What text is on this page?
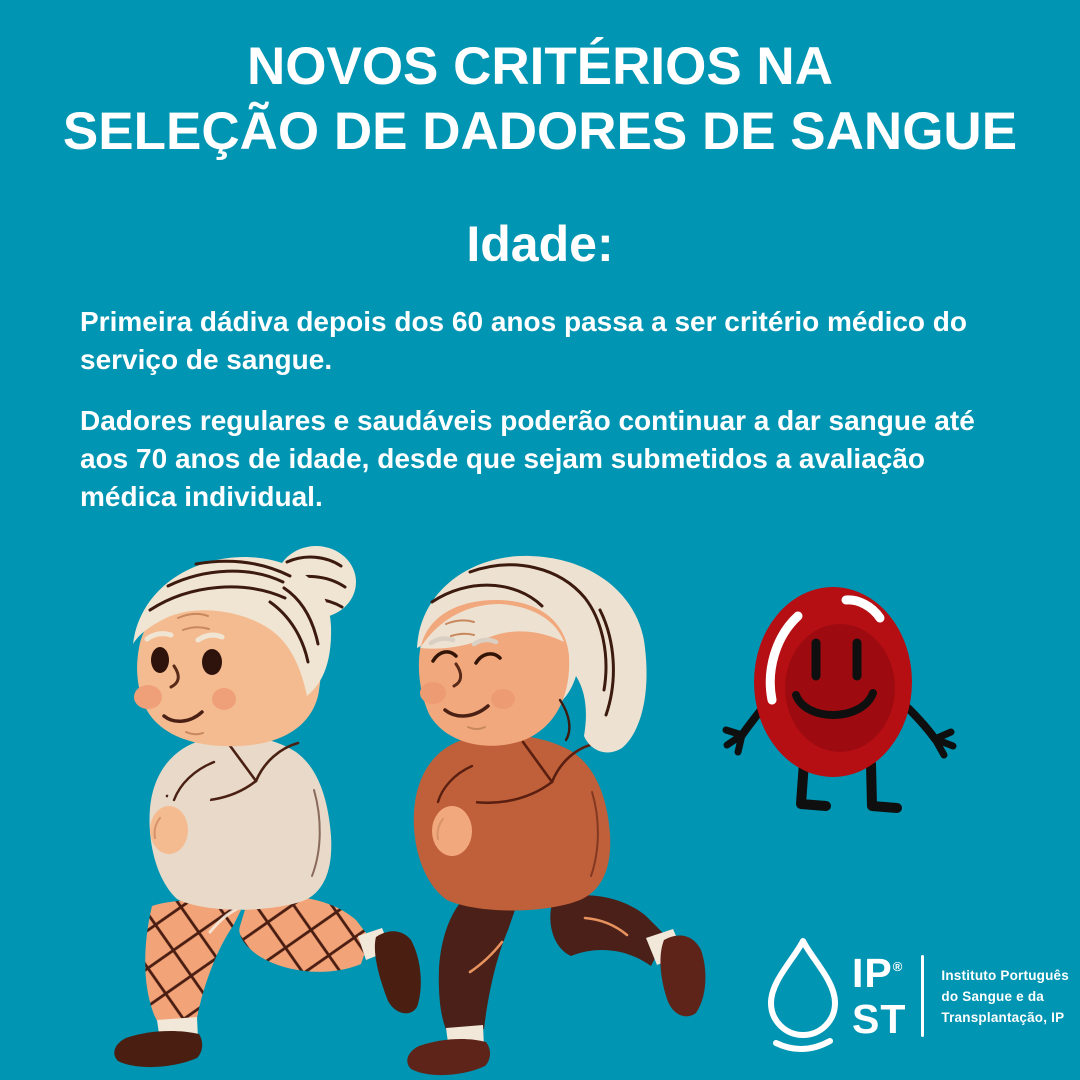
NOVOS CRITÉRIOS NA
SELEÇÃO DE DADORES DE SANGUE
Idade:
Primeira dádiva depois dos 60 anos passa a ser critério médico do
serviço de sangue.
Dadores regulares e saudáveis poderão continuar a dar sangue até
aos 70 anos de idade, desde que sejam submetidos a avaliação
médica individual.
IP®
ST
Instituto Português
do Sangue e da
Transplantação, IP
